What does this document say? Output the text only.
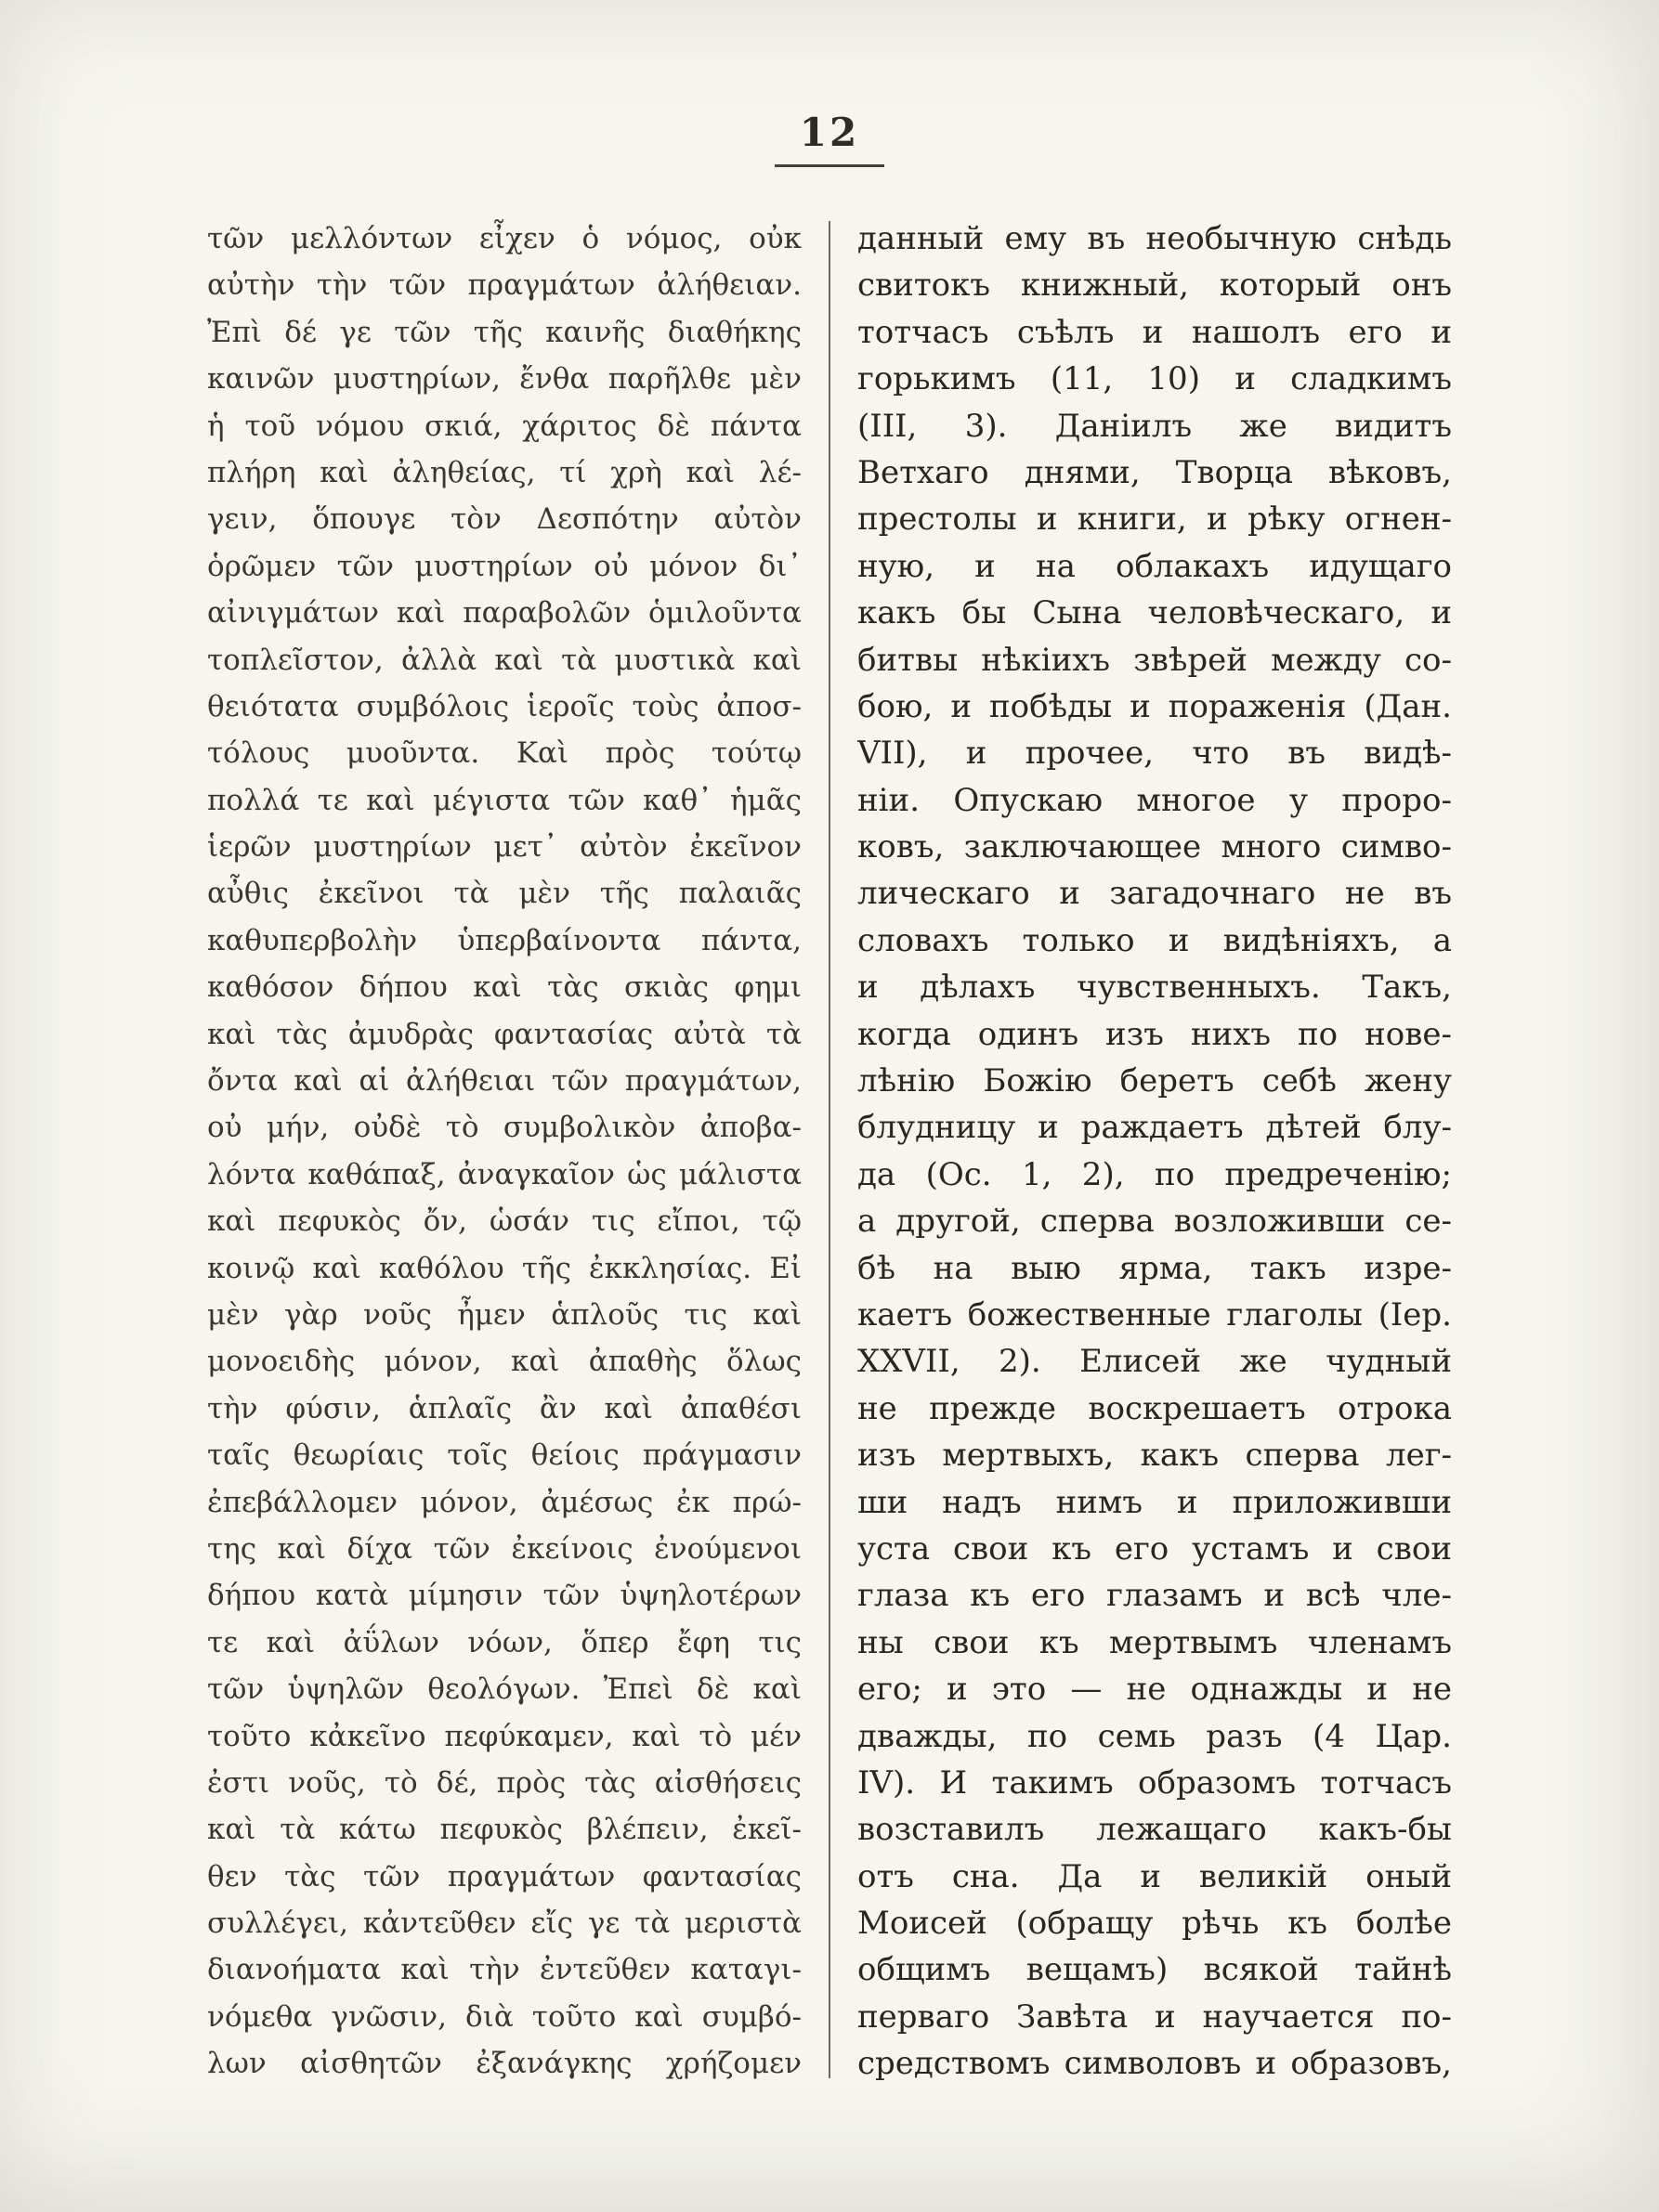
12
τῶν μελλόντων εἶχεν ὁ νόμος, οὐκ
αὐτὴν τὴν τῶν πραγμάτων ἀλήθειαν.
Ἐπὶ δέ γε τῶν τῆς καινῆς διαθήκης
καινῶν μυστηρίων, ἔνθα παρῆλθε μὲν
ἡ τοῦ νόμου σκιά, χάριτος δὲ πάντα
πλήρη καὶ ἀληθείας, τί χρὴ καὶ λέ-
γειν, ὅπουγε τὸν Δεσπότην αὐτὸν
ὁρῶμεν τῶν μυστηρίων οὐ μόνον δι᾽
αἰνιγμάτων καὶ παραβολῶν ὁμιλοῦντα
τοπλεῖστον, ἀλλὰ καὶ τὰ μυστικὰ καὶ
θειότατα συμβόλοις ἱεροῖς τοὺς ἀποσ-
τόλους μυοῦντα. Καὶ πρὸς τούτῳ
πολλά τε καὶ μέγιστα τῶν καθ᾽ ἡμᾶς
ἱερῶν μυστηρίων μετ᾽ αὐτὸν ἐκεῖνον
αὖθις ἐκεῖνοι τὰ μὲν τῆς παλαιᾶς
καθυπερβολὴν ὑπερβαίνοντα πάντα,
καθόσον δήπου καὶ τὰς σκιὰς φημι
καὶ τὰς ἀμυδρὰς φαντασίας αὐτὰ τὰ
ὄντα καὶ αἱ ἀλήθειαι τῶν πραγμάτων,
οὐ μήν, οὐδὲ τὸ συμβολικὸν ἀποβα-
λόντα καθάπαξ, ἀναγκαῖον ὡς μάλιστα
καὶ πεφυκὸς ὄν, ὡσάν τις εἴποι, τῷ
κοινῷ καὶ καθόλου τῆς ἐκκλησίας. Εἰ
μὲν γὰρ νοῦς ἦμεν ἁπλοῦς τις καὶ
μονοειδὴς μόνον, καὶ ἀπαθὴς ὅλως
τὴν φύσιν, ἁπλαῖς ἂν καὶ ἀπαθέσι
ταῖς θεωρίαις τοῖς θείοις πράγμασιν
ἐπεβάλλομεν μόνον, ἀμέσως ἐκ πρώ-
της καὶ δίχα τῶν ἐκείνοις ἐνούμενοι
δήπου κατὰ μίμησιν τῶν ὑψηλοτέρων
τε καὶ ἀΰλων νόων, ὅπερ ἔφη τις
τῶν ὑψηλῶν θεολόγων. Ἐπεὶ δὲ καὶ
τοῦτο κἀκεῖνο πεφύκαμεν, καὶ τὸ μέν
ἐστι νοῦς, τὸ δέ, πρὸς τὰς αἰσθήσεις
καὶ τὰ κάτω πεφυκὸς βλέπειν, ἐκεῖ-
θεν τὰς τῶν πραγμάτων φαντασίας
συλλέγει, κἀντεῦθεν εἴς γε τὰ μεριστὰ
διανοήματα καὶ τὴν ἐντεῦθεν καταγι-
νόμεθα γνῶσιν, διὰ τοῦτο καὶ συμβό-
λων αἰσθητῶν ἐξανάγκης χρήζομεν
данный ему въ необычную снѣдь
свитокъ книжный, который онъ
тотчасъ съѣлъ и нашолъ его и
горькимъ (11, 10) и сладкимъ
(III, 3). Даніилъ же видитъ
Ветхаго днями, Творца вѣковъ,
престолы и книги, и рѣку огнен-
ную, и на облакахъ идущаго
какъ бы Сына человѣческаго, и
битвы нѣкіихъ звѣрей между со-
бою, и побѣды и пораженія (Дан.
VII), и прочее, что въ видѣ-
ніи. Опускаю многое у проро-
ковъ, заключающее много симво-
лическаго и загадочнаго не въ
словахъ только и видѣніяхъ, а
и дѣлахъ чувственныхъ. Такъ,
когда одинъ изъ нихъ по нове-
лѣнію Божію беретъ себѣ жену
блудницу и раждаетъ дѣтей блу-
да (Ос. 1, 2), по предреченію;
а другой, сперва возложивши се-
бѣ на выю ярма, такъ изре-
каетъ божественные глаголы (Іер.
XXVII, 2). Елисей же чудный
не прежде воскрешаетъ отрока
изъ мертвыхъ, какъ сперва лег-
ши надъ нимъ и приложивши
уста свои къ его устамъ и свои
глаза къ его глазамъ и всѣ чле-
ны свои къ мертвымъ членамъ
его; и это — не однажды и не
дважды, по семь разъ (4 Цар.
IV). И такимъ образомъ тотчасъ
возставилъ лежащаго какъ-бы
отъ сна. Да и великій оный
Моисей (обращу рѣчь къ болѣе
общимъ вещамъ) всякой тайнѣ
перваго Завѣта и научается по-
средствомъ символовъ и образовъ,
